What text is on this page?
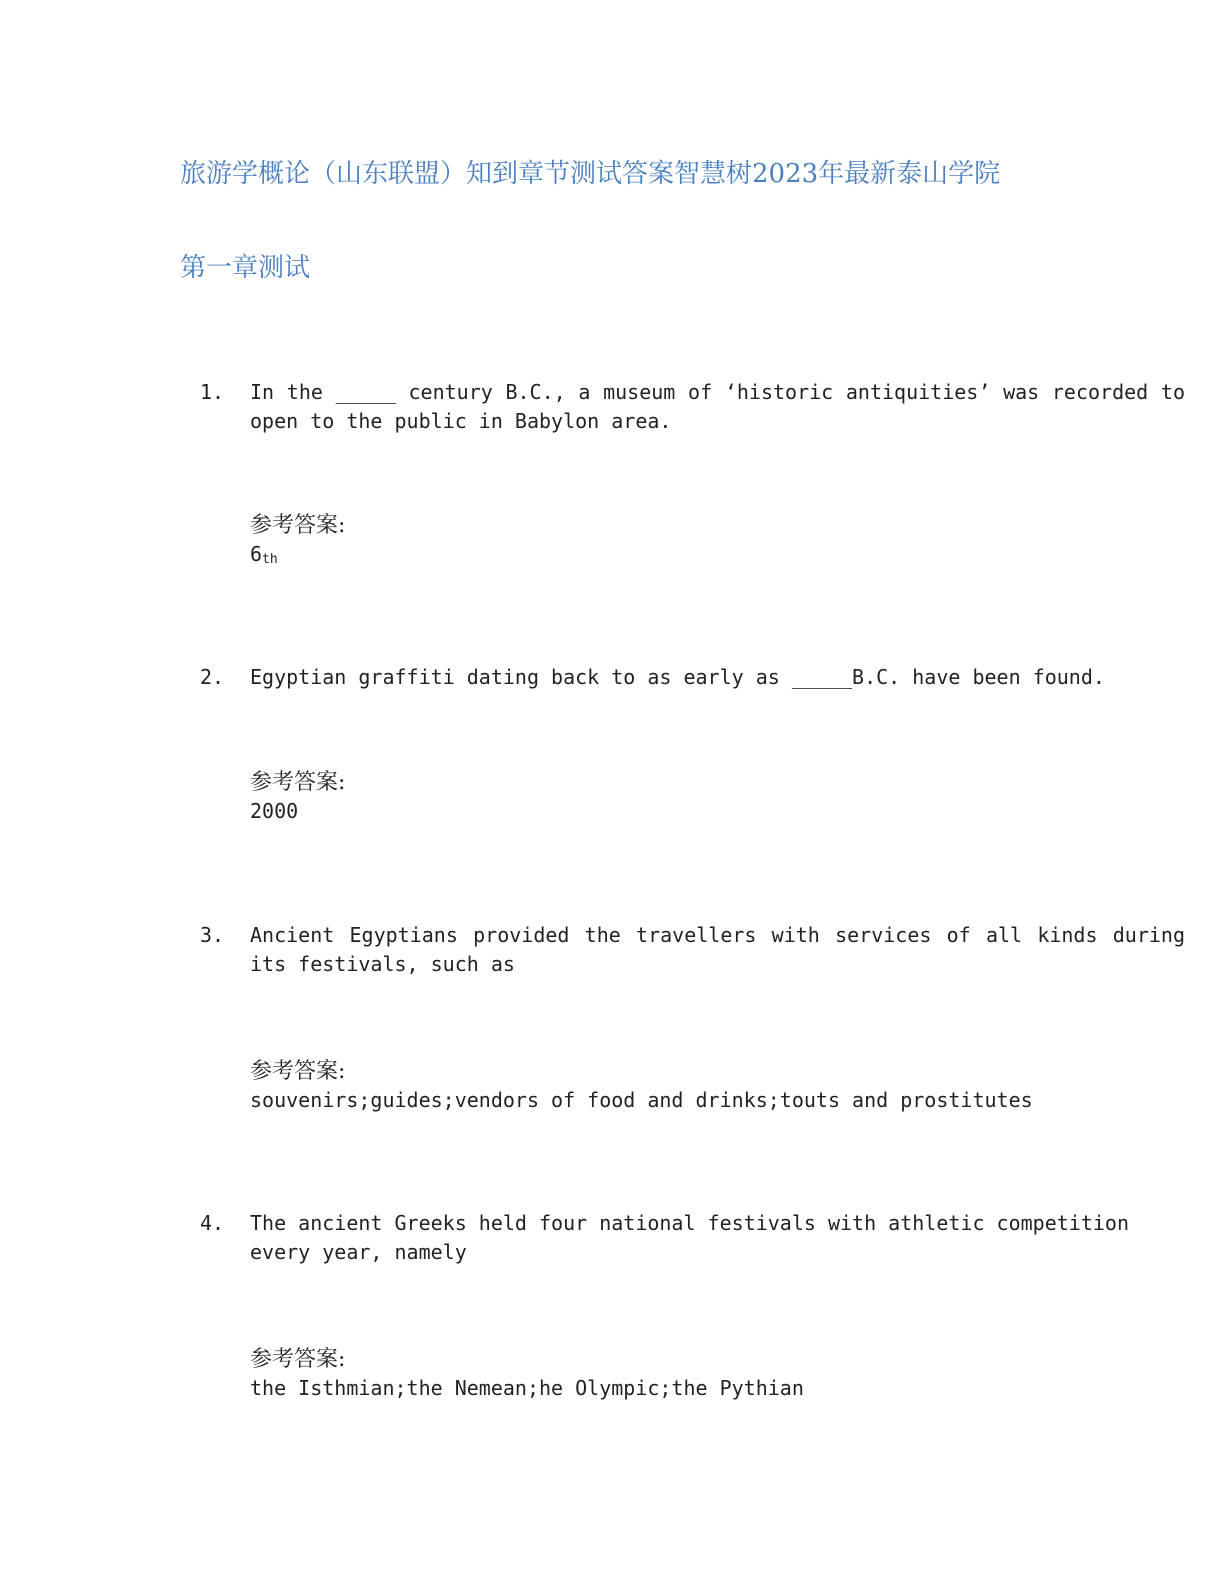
旅游学概论（山东联盟）知到章节测试答案智慧树2023年最新泰山学院
第一章测试
1. In the _____ century B.C., a museum of ‘historic antiquities’ was recorded to open to the public in Babylon area.
参考答案:
$6_{th}$
2. Egyptian graffiti dating back to as early as _____B.C. have been found.
参考答案:
2000
3. Ancient Egyptians provided the travellers with services of all kinds during its festivals, such as
参考答案:
souvenirs;guides;vendors of food and drinks;touts and prostitutes
4. The ancient Greeks held four national festivals with athletic competition every year, namely
参考答案:
the Isthmian;the Nemean;he Olympic;the Pythian
